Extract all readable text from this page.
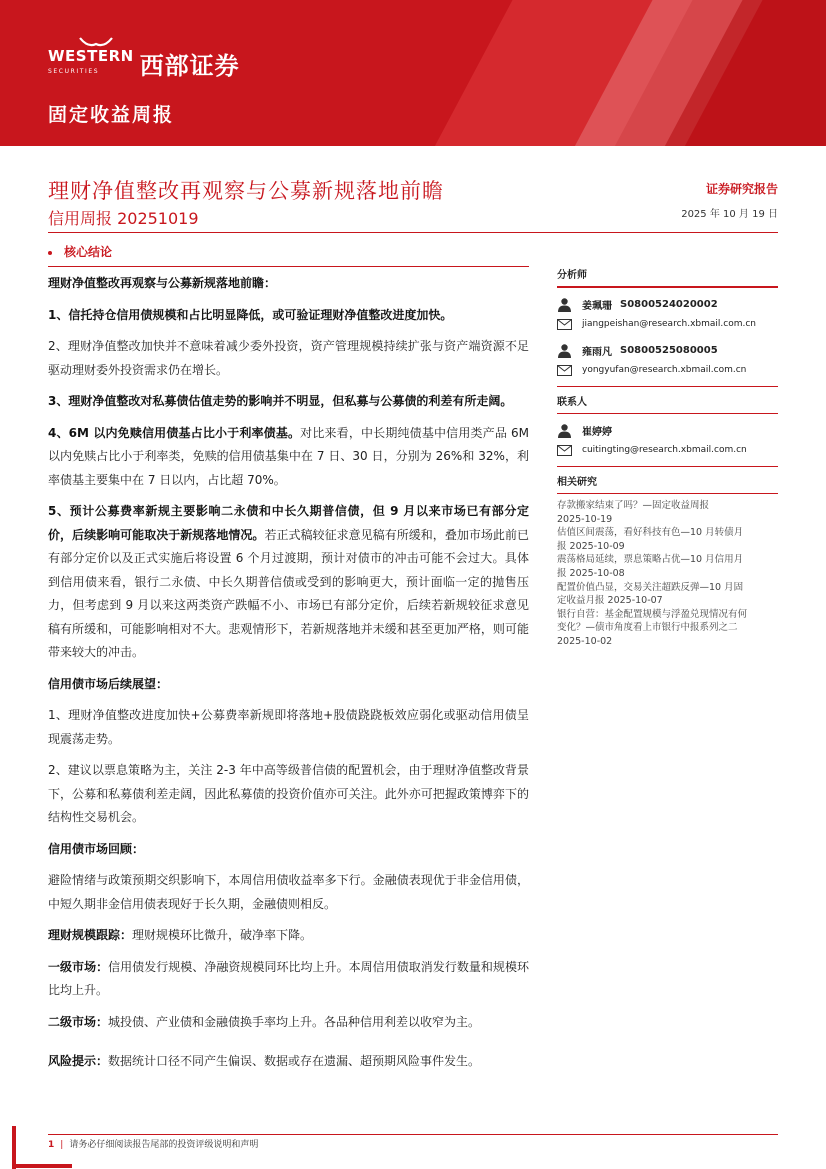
WESTERN
SECURITIES	西部证券
固定收益周报
理财净值整改再观察与公募新规落地前瞻
信用周报 20251019
证券研究报告
2025 年 10 月 19 日
核心结论

理财净值整改再观察与公募新规落地前瞻：

1、信托持仓信用债规模和占比明显降低，或可验证理财净值整改进度加快。

2、理财净值整改加快并不意味着减少委外投资，资产管理规模持续扩张与资产端资源不足驱动理财委外投资需求仍在增长。

3、理财净值整改对私募债估值走势的影响并不明显，但私募与公募债的利差有所走阔。

4、6M 以内免赎信用债基占比小于利率债基。对比来看，中长期纯债基中信用类产品 6M 以内免赎占比小于利率类，免赎的信用债基集中在 7 日、30 日，分别为 26%和 32%，利率债基主要集中在 7 日以内，占比超 70%。

5、预计公募费率新规主要影响二永债和中长久期普信债，但 9 月以来市场已有部分定价，后续影响可能取决于新规落地情况。若正式稿较征求意见稿有所缓和，叠加市场此前已有部分定价以及正式实施后将设置 6 个月过渡期，预计对债市的冲击可能不会过大。具体到信用债来看，银行二永债、中长久期普信债或受到的影响更大，预计面临一定的抛售压力，但考虑到 9 月以来这两类资产跌幅不小、市场已有部分定价，后续若新规较征求意见稿有所缓和，可能影响相对不大。悲观情形下，若新规落地并未缓和甚至更加严格，则可能带来较大的冲击。

信用债市场后续展望：

1、理财净值整改进度加快+公募费率新规即将落地+股债跷跷板效应弱化或驱动信用债呈现震荡走势。

2、建议以票息策略为主，关注 2-3 年中高等级普信债的配置机会，由于理财净值整改背景下，公募和私募债利差走阔，因此私募债的投资价值亦可关注。此外亦可把握政策博弈下的结构性交易机会。

信用债市场回顾：

避险情绪与政策预期交织影响下，本周信用债收益率多下行。金融债表现优于非金信用债，中短久期非金信用债表现好于长久期，金融债则相反。

理财规模跟踪：理财规模环比微升，破净率下降。

一级市场：信用债发行规模、净融资规模同环比均上升。本周信用债取消发行数量和规模环比均上升。

二级市场：城投债、产业债和金融债换手率均上升。各品种信用利差以收窄为主。

风险提示：数据统计口径不同产生偏误、数据或存在遗漏、超预期风险事件发生。

分析师
姜珮珊 S0800524020002
jiangpeishan@research.xbmail.com.cn
雍雨凡 S0800525080005
yongyufan@research.xbmail.com.cn
联系人
崔婷婷
cuitingting@research.xbmail.com.cn
相关研究
存款搬家结束了吗？—固定收益周报
2025-10-19
估值区间震荡，看好科技有色—10 月转债月
报 2025-10-09
震荡格局延续，票息策略占优—10 月信用月
报 2025-10-08
配置价值凸显，交易关注超跌反弹—10 月固
定收益月报 2025-10-07
银行自营：基金配置规模与浮盈兑现情况有何
变化？—债市角度看上市银行中报系列之二
2025-10-02
1 | 请务必仔细阅读报告尾部的投资评级说明和声明
